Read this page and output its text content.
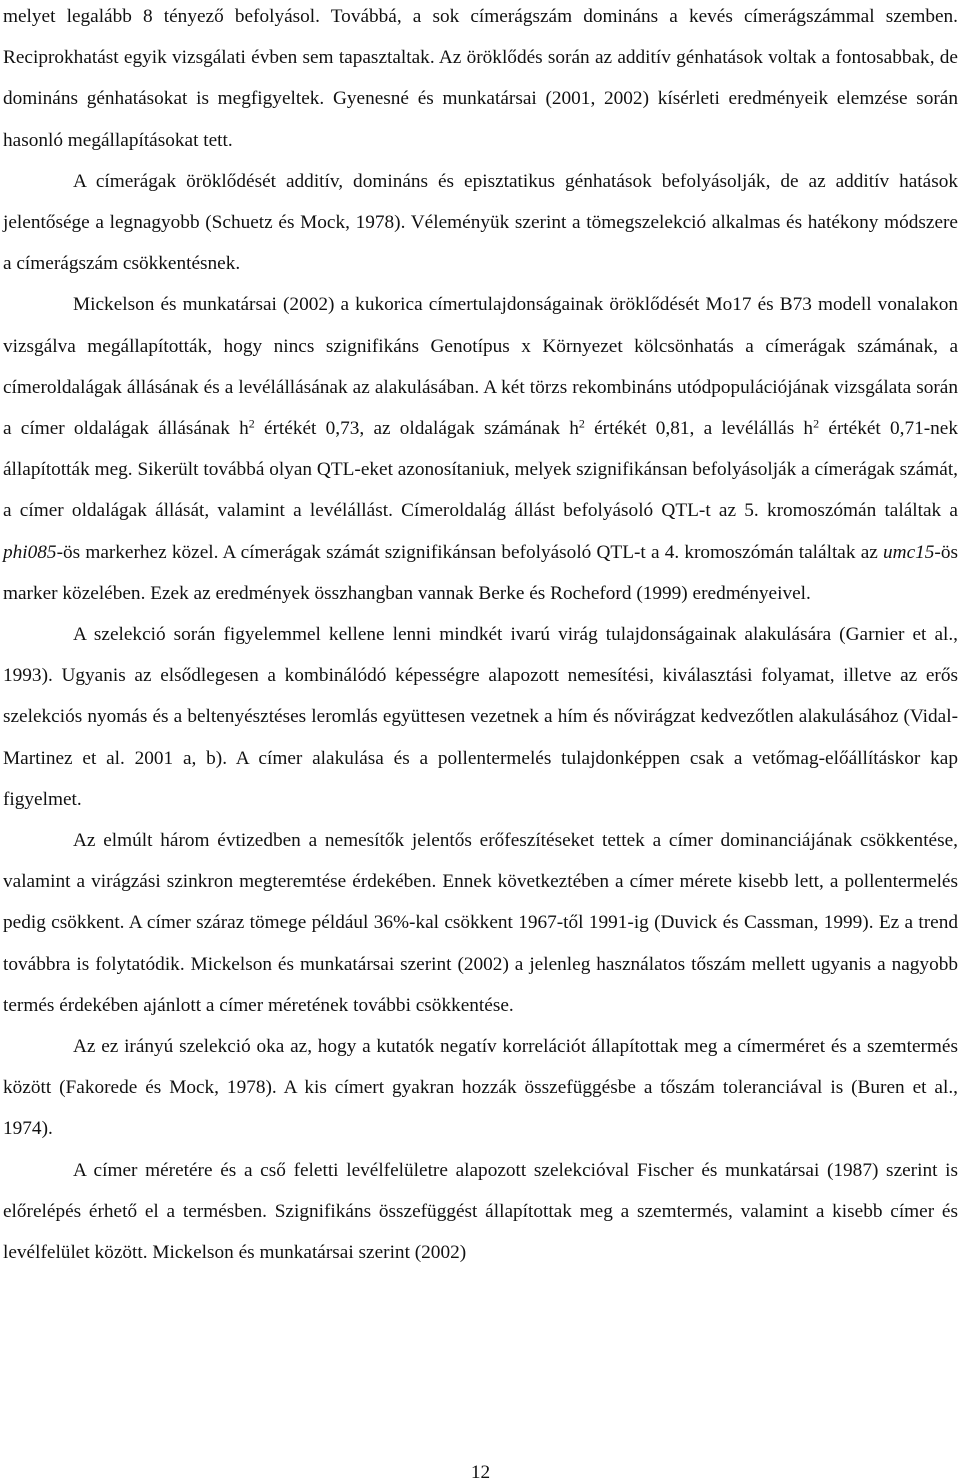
melyet legalább 8 tényező befolyásol. Továbbá, a sok címerágszám domináns a kevés címerágszámmal szemben. Reciprokhatást egyik vizsgálati évben sem tapasztaltak. Az öröklődés során az additív génhatások voltak a fontosabbak, de domináns génhatásokat is megfigyeltek. Gyenesné és munkatársai (2001, 2002) kísérleti eredményeik elemzése során hasonló megállapításokat tett.

A címerágak öröklődését additív, domináns és episztatikus génhatások befolyásolják, de az additív hatások jelentősége a legnagyobb (Schuetz és Mock, 1978). Véleményük szerint a tömegszelekció alkalmas és hatékony módszere a címerágszám csökkentésnek.

Mickelson és munkatársai (2002) a kukorica címertulajdonságainak öröklődését Mo17 és B73 modell vonalakon vizsgálva megállapították, hogy nincs szignifikáns Genotípus x Környezet kölcsönhatás a címerágak számának, a címeroldalágak állásának és a levélállásának az alakulásában. A két törzs rekombináns utódpopulációjának vizsgálata során a címer oldalágak állásának $h^2$ értékét 0,73, az oldalágak számának $h^2$ értékét 0,81, a levélállás $h^2$ értékét 0,71-nek állapították meg. Sikerült továbbá olyan QTL-eket azonosítaniuk, melyek szignifikánsan befolyásolják a címerágak számát, a címer oldalágak állását, valamint a levélállást. Címeroldalág állást befolyásoló QTL-t az 5. kromoszómán találtak a phi085-ös markerhez közel. A címerágak számát szignifikánsan befolyásoló QTL-t a 4. kromoszómán találtak az umc15-ös marker közelében. Ezek az eredmények összhangban vannak Berke és Rocheford (1999) eredményeivel.

A szelekció során figyelemmel kellene lenni mindkét ivarú virág tulajdonságainak alakulására (Garnier et al., 1993). Ugyanis az elsődlegesen a kombinálódó képességre alapozott nemesítési, kiválasztási folyamat, illetve az erős szelekciós nyomás és a beltenyésztéses leromlás együttesen vezetnek a hím és nővirágzat kedvezőtlen alakulásához (Vidal-Martinez et al. 2001 a, b). A címer alakulása és a pollentermelés tulajdonképpen csak a vetőmag-előállításkor kap figyelmet.

Az elmúlt három évtizedben a nemesítők jelentős erőfeszítéseket tettek a címer dominanciájának csökkentése, valamint a virágzási szinkron megteremtése érdekében. Ennek következtében a címer mérete kisebb lett, a pollentermelés pedig csökkent. A címer száraz tömege például 36%-kal csökkent 1967-től 1991-ig (Duvick és Cassman, 1999). Ez a trend továbbra is folytatódik. Mickelson és munkatársai szerint (2002) a jelenleg használatos tőszám mellett ugyanis a nagyobb termés érdekében ajánlott a címer méretének további csökkentése.

Az ez irányú szelekció oka az, hogy a kutatók negatív korrelációt állapítottak meg a címerméret és a szemtermés között (Fakorede és Mock, 1978). A kis címert gyakran hozzák összefüggésbe a tőszám toleranciával is (Buren et al., 1974).

A címer méretére és a cső feletti levélfelületre alapozott szelekcióval Fischer és munkatársai (1987) szerint is előrelépés érhető el a termésben. Szignifikáns összefüggést állapítottak meg a szemtermés, valamint a kisebb címer és levélfelület között. Mickelson és munkatársai szerint (2002)

12
